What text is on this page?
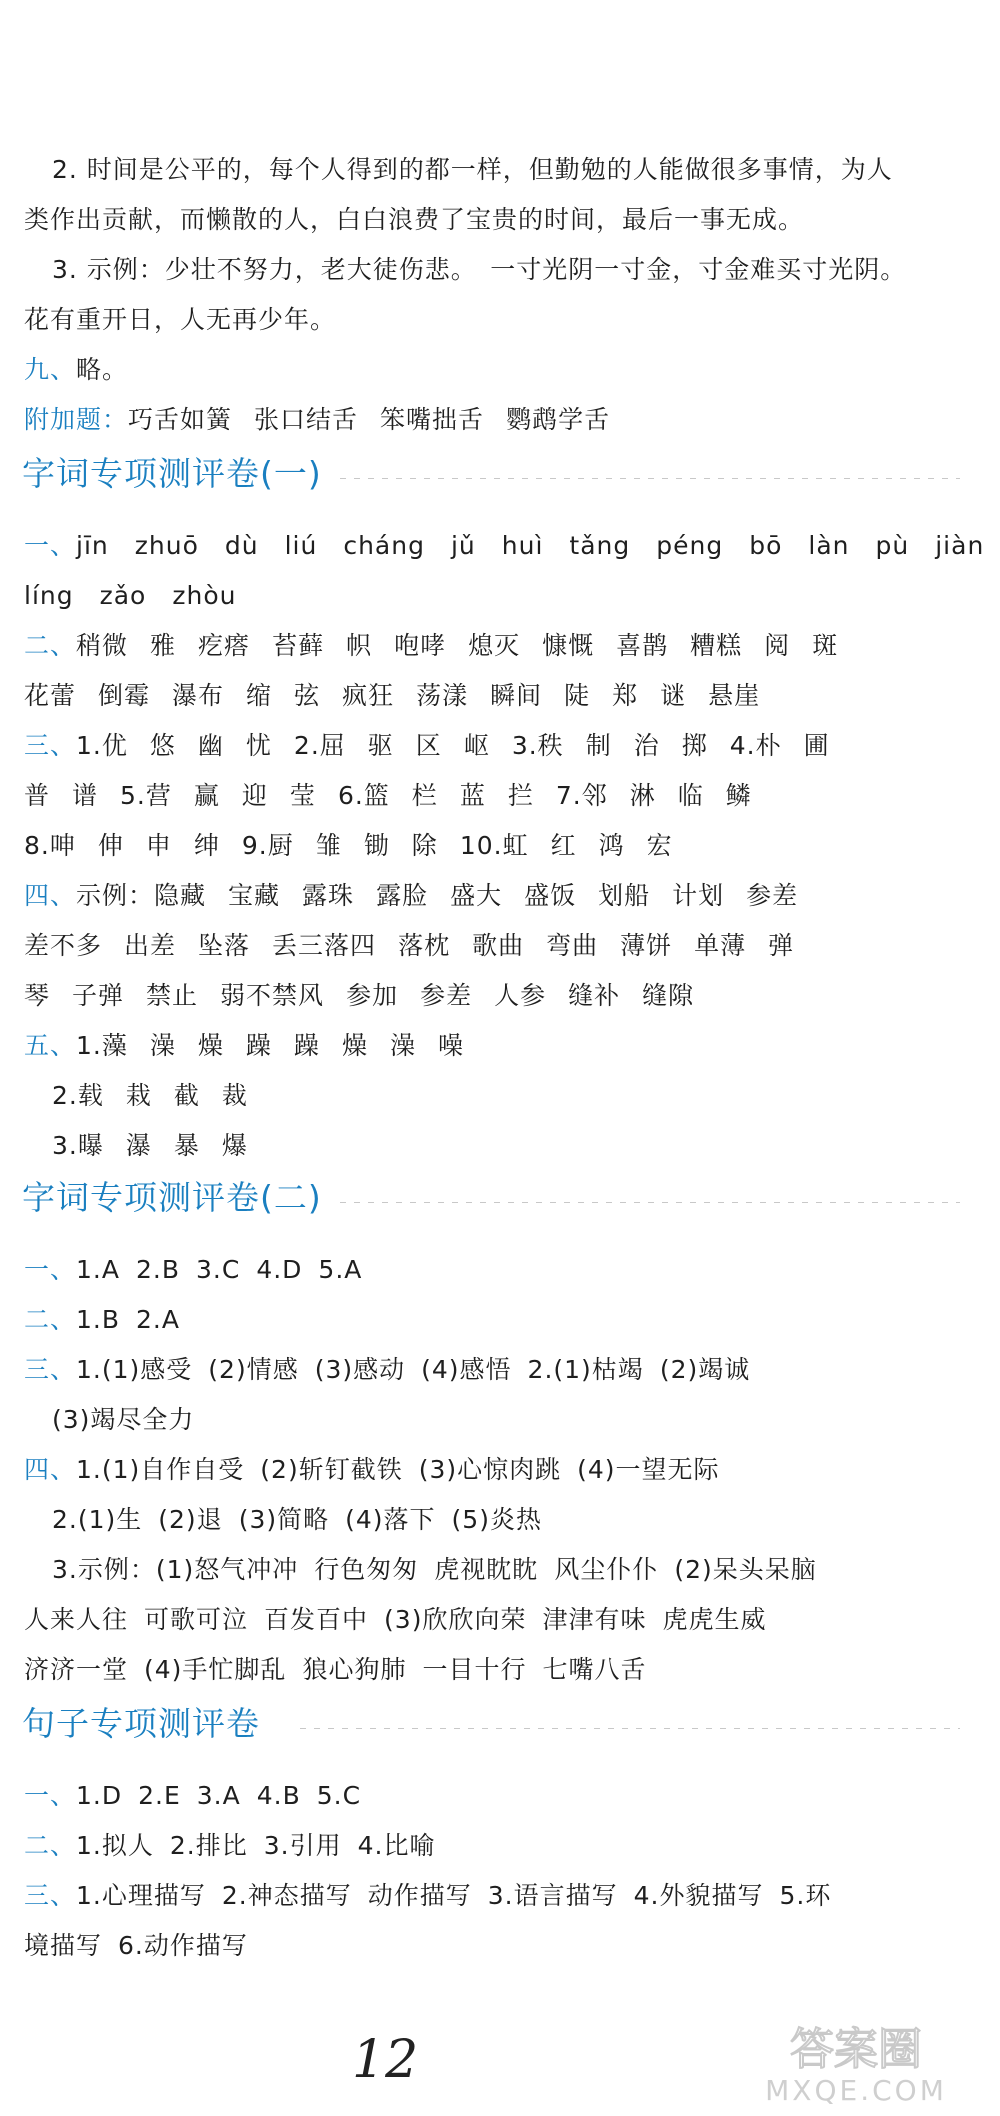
2. 时间是公平的，每个人得到的都一样，但勤勉的人能做很多事情，为人
类作出贡献，而懒散的人，白白浪费了宝贵的时间，最后一事无成。
3. 示例：少壮不努力，老大徒伤悲。　一寸光阴一寸金，寸金难买寸光阴。
花有重开日，人无再少年。
九、略。
附加题：巧舌如簧 张口结舌 笨嘴拙舌 鹦鹉学舌
字词专项测评卷(一)
一、jīn zhuō dù liú cháng jǔ huì tǎng péng bō làn pù jiàn
líng zǎo zhòu
二、稍微 雅 疙瘩 苔藓 帜 咆哮 熄灭 慷慨 喜鹊 糟糕 阅 斑
花蕾 倒霉 瀑布 缩 弦 疯狂 荡漾 瞬间 陡 郑 谜 悬崖
三、1.优 悠 幽 忧 2.屈 驱 区 岖 3.秩 制 治 掷 4.朴 圃
普 谱 5.营 赢 迎 莹 6.篮 栏 蓝 拦 7.邻 淋 临 鳞
8.呻 伸 申 绅 9.厨 雏 锄 除 10.虹 红 鸿 宏
四、示例：隐藏 宝藏 露珠 露脸 盛大 盛饭 划船 计划 参差
差不多 出差 坠落 丢三落四 落枕 歌曲 弯曲 薄饼 单薄 弹
琴 子弹 禁止 弱不禁风 参加 参差 人参 缝补 缝隙
五、1.藻 澡 燥 躁 躁 燥 澡 噪
2.载 栽 截 裁
3.曝 瀑 暴 爆
字词专项测评卷(二)
一、1.A 2.B 3.C 4.D 5.A
二、1.B 2.A
三、1.(1)感受 (2)情感 (3)感动 (4)感悟 2.(1)枯竭 (2)竭诚
(3)竭尽全力
四、1.(1)自作自受 (2)斩钉截铁 (3)心惊肉跳 (4)一望无际
2.(1)生 (2)退 (3)简略 (4)落下 (5)炎热
3.示例：(1)怒气冲冲 行色匆匆 虎视眈眈 风尘仆仆 (2)呆头呆脑
人来人往 可歌可泣 百发百中 (3)欣欣向荣 津津有味 虎虎生威
济济一堂 (4)手忙脚乱 狼心狗肺 一目十行 七嘴八舌
句子专项测评卷
一、1.D 2.E 3.A 4.B 5.C
二、1.拟人 2.排比 3.引用 4.比喻
三、1.心理描写 2.神态描写 动作描写 3.语言描写 4.外貌描写 5.环
境描写 6.动作描写
12	答案圈
MXQE.COM
